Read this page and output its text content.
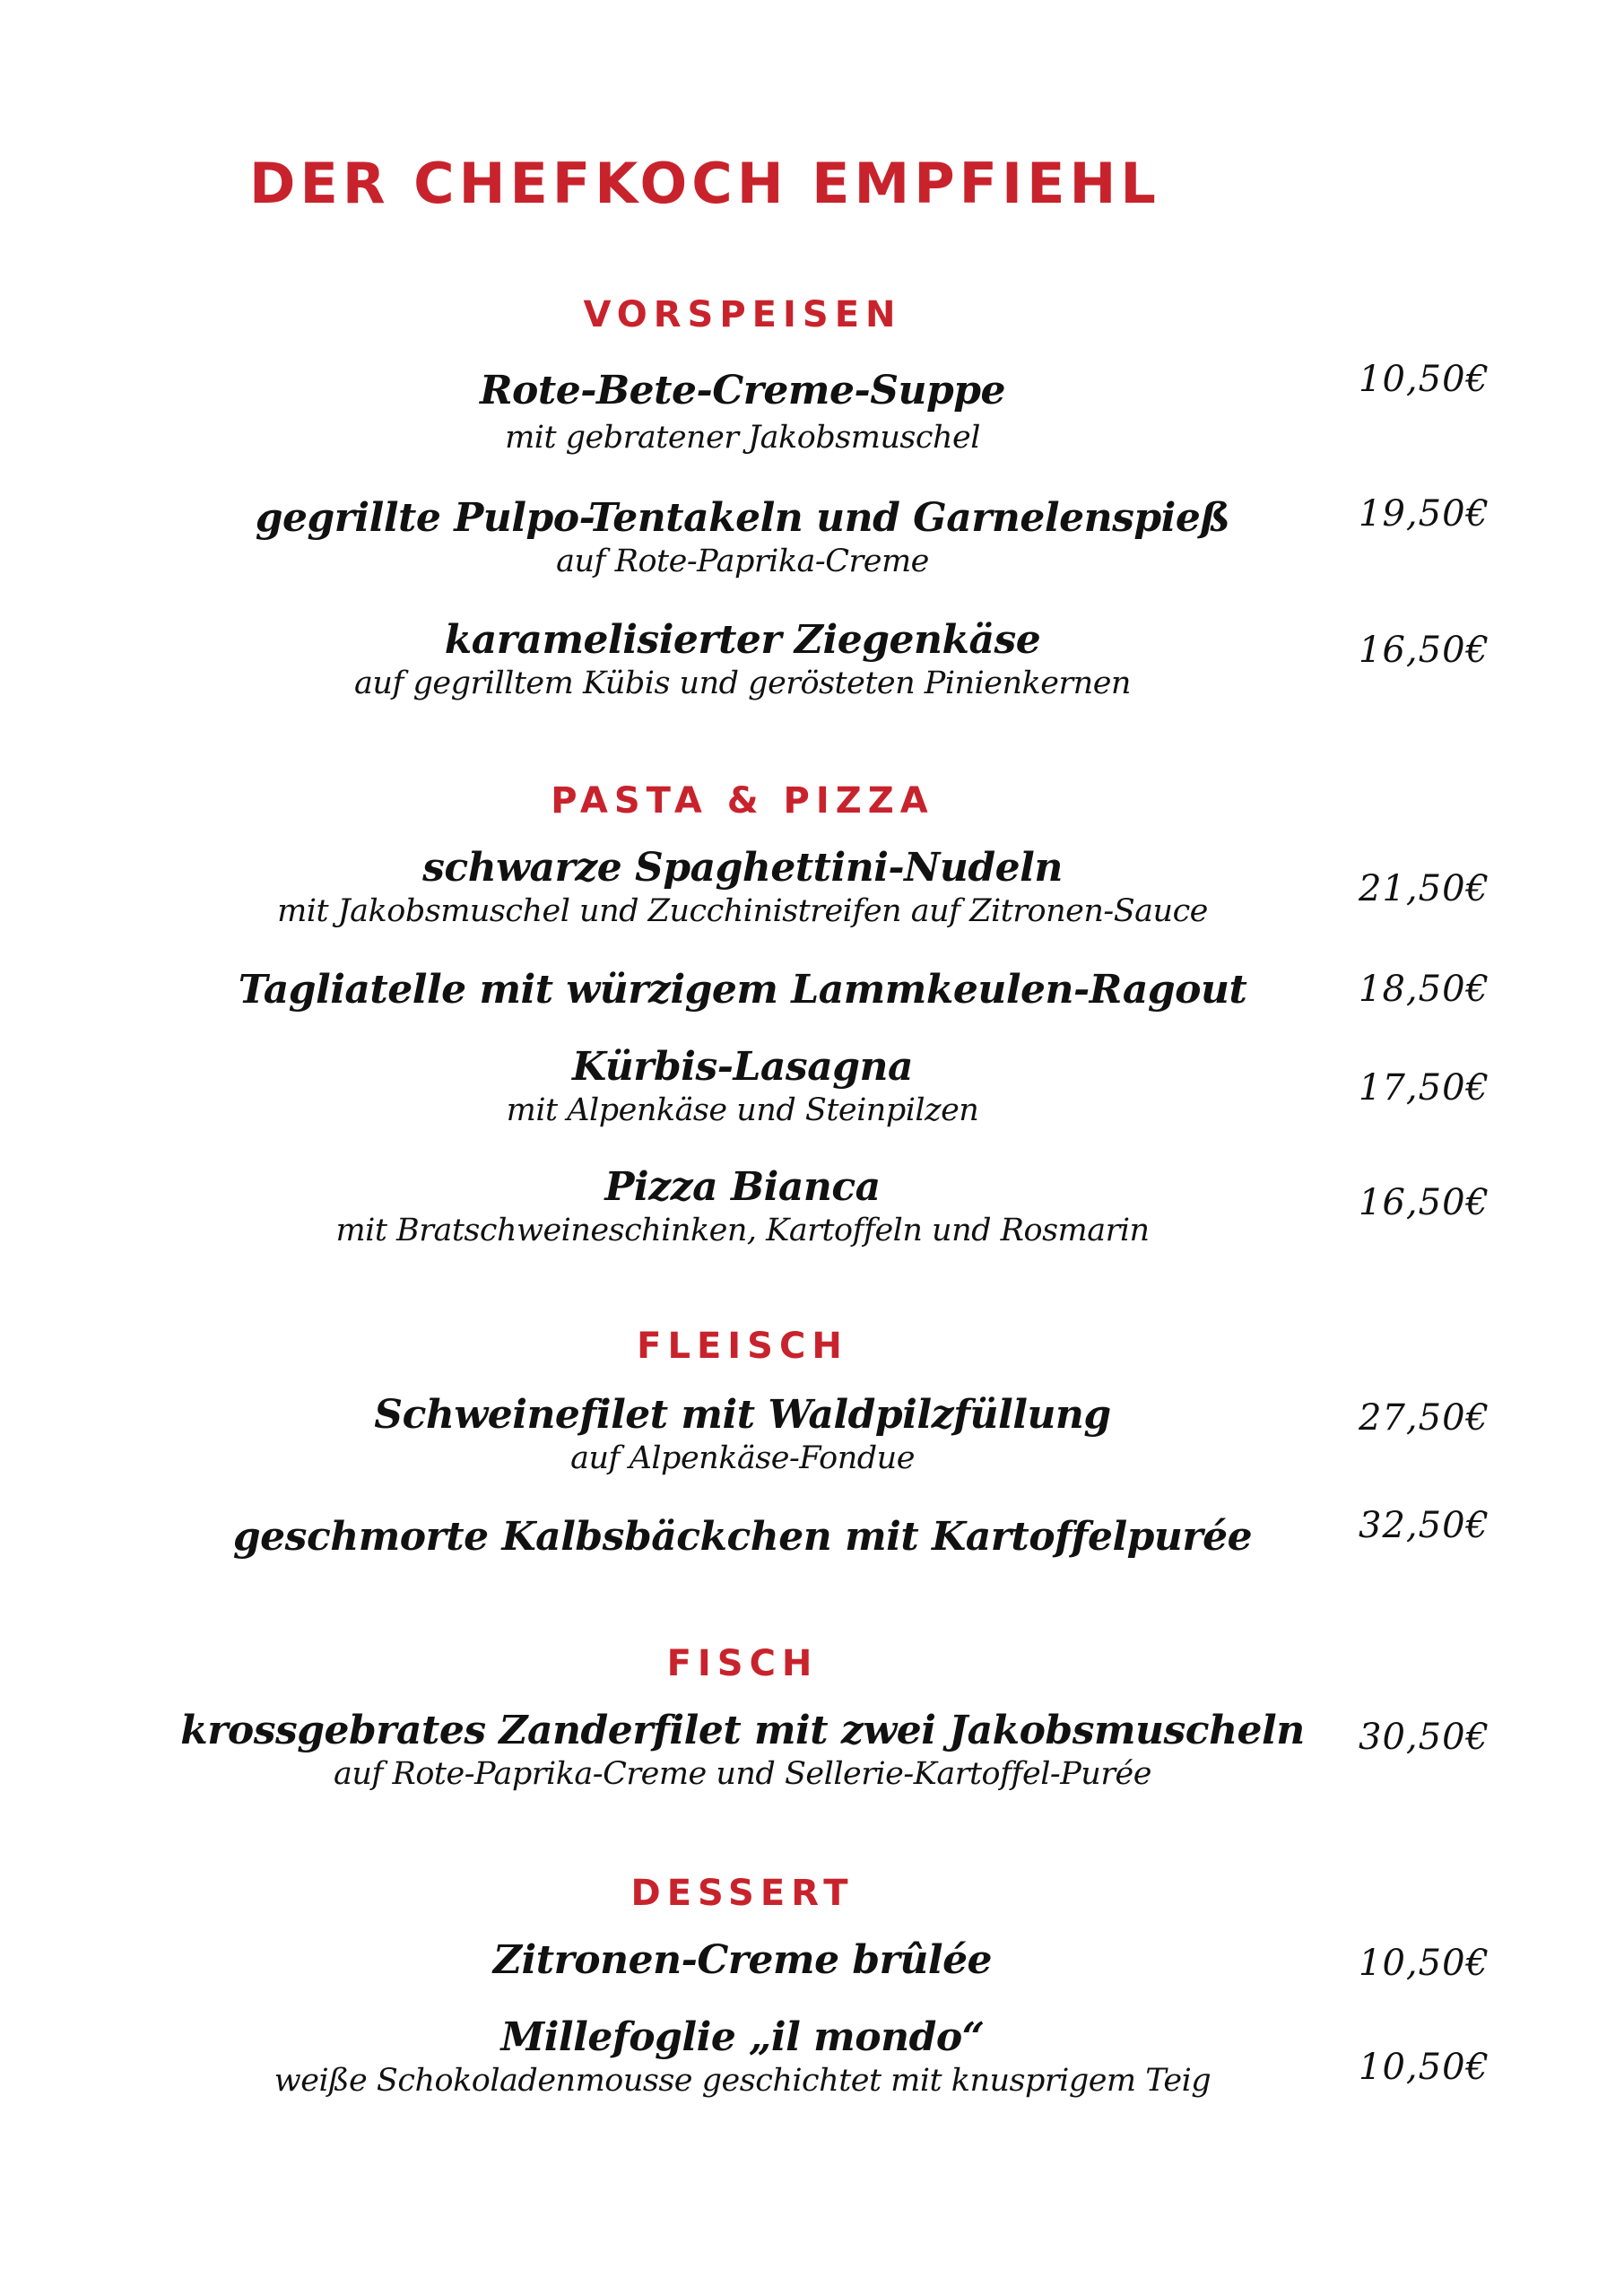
DER CHEFKOCH EMPFIEHL
VORSPEISEN
Rote-Bete-Creme-Suppe
mit gebratener Jakobsmuschel
10,50€
gegrillte Pulpo-Tentakeln und Garnelenspieß
auf Rote-Paprika-Creme
19,50€
karamelisierter Ziegenkäse
auf gegrilltem Kübis und gerösteten Pinienkernen
16,50€
PASTA & PIZZA
schwarze Spaghettini-Nudeln
mit Jakobsmuschel und Zucchinistreifen auf Zitronen-Sauce
21,50€
Tagliatelle mit würzigem Lammkeulen-Ragout	18,50€
Kürbis-Lasagna
mit Alpenkäse und Steinpilzen
17,50€
Pizza Bianca
mit Bratschweineschinken, Kartoffeln und Rosmarin
16,50€
FLEISCH
Schweinefilet mit Waldpilzfüllung
auf Alpenkäse-Fondue
27,50€
geschmorte Kalbsbäckchen mit Kartoffelpurée	32,50€
FISCH
krossgebrates Zanderfilet mit zwei Jakobsmuscheln
auf Rote-Paprika-Creme und Sellerie-Kartoffel-Purée
30,50€
DESSERT
Zitronen-Creme brûlée	10,50€
Millefoglie „il mondo“
weiße Schokoladenmousse geschichtet mit knusprigem Teig	10,50€
